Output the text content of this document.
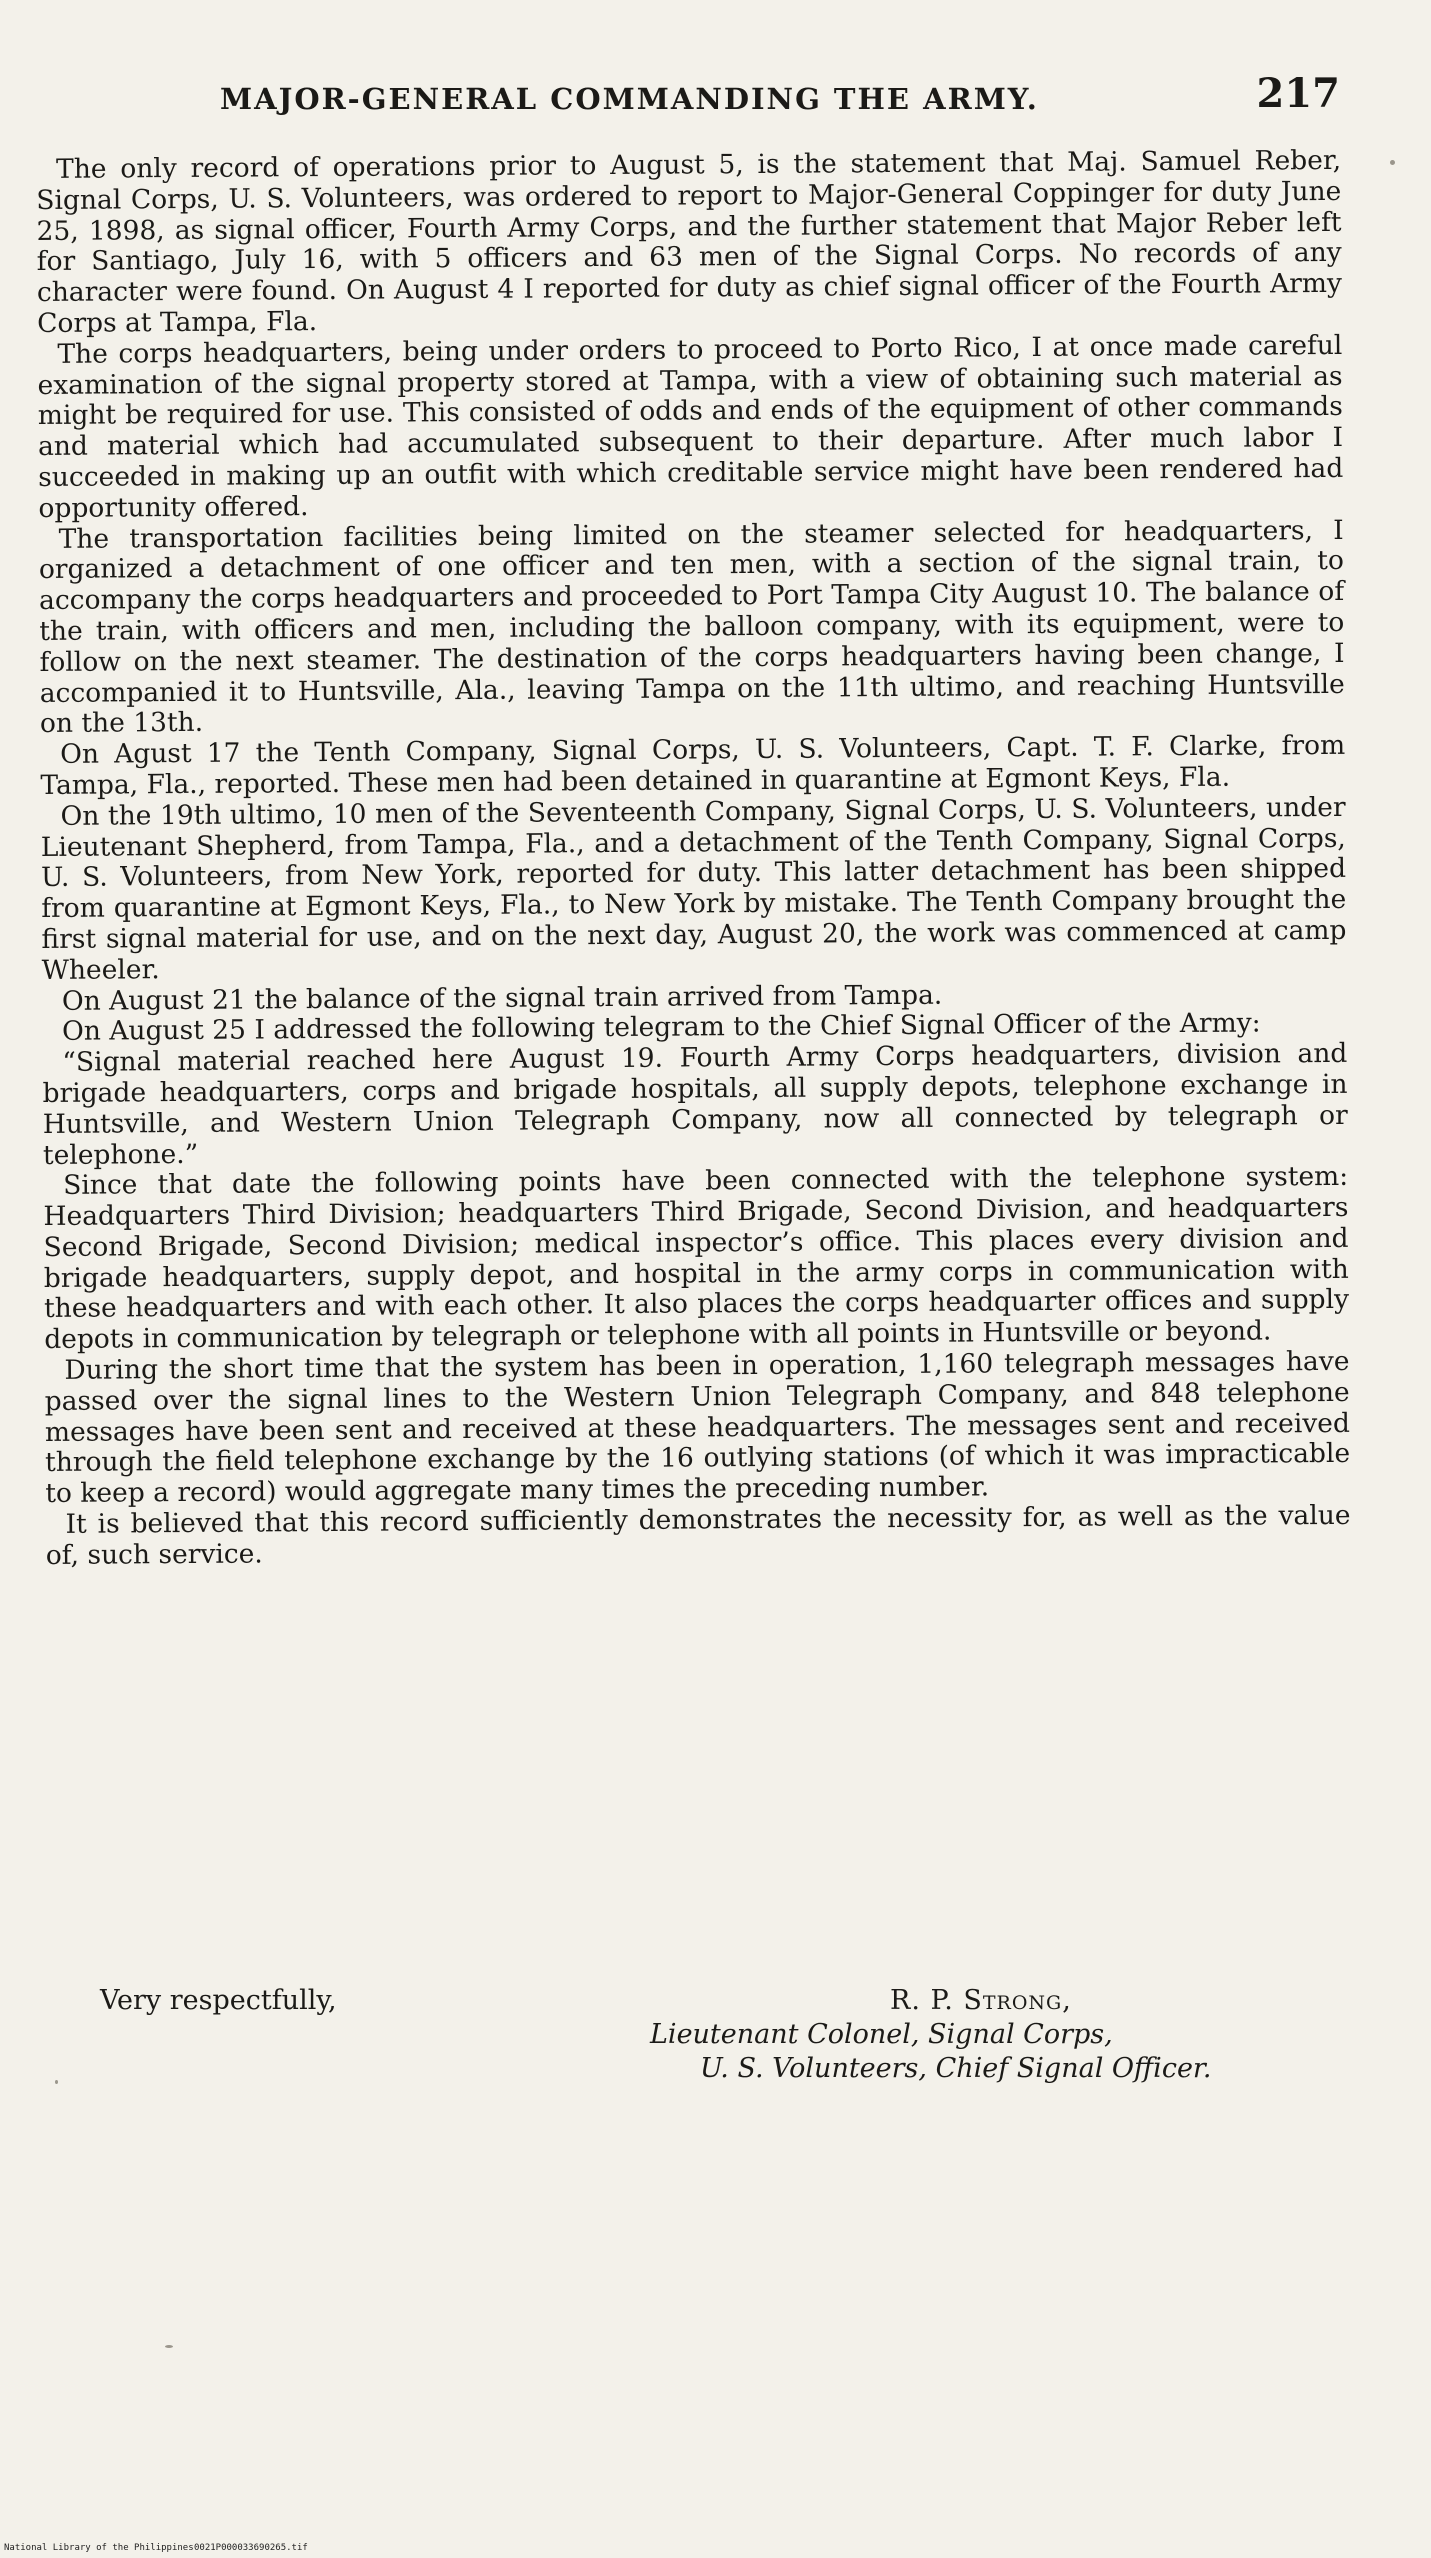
MAJOR-GENERAL COMMANDING THE ARMY.	217

The only record of operations prior to August 5, is the statement that Maj. Samuel Reber, Signal Corps, U. S. Volunteers, was ordered to report to Major-General Coppinger for duty June 25, 1898, as signal officer, Fourth Army Corps, and the further statement that Major Reber left for Santiago, July 16, with 5 officers and 63 men of the Signal Corps. No records of any character were found. On August 4 I reported for duty as chief signal officer of the Fourth Army Corps at Tampa, Fla.

The corps headquarters, being under orders to proceed to Porto Rico, I at once made careful examination of the signal property stored at Tampa, with a view of obtaining such material as might be required for use. This consisted of odds and ends of the equipment of other commands and material which had accumulated subsequent to their departure. After much labor I succeeded in making up an outfit with which creditable service might have been rendered had opportunity offered.

The transportation facilities being limited on the steamer selected for headquarters, I organized a detachment of one officer and ten men, with a section of the signal train, to accompany the corps headquarters and proceeded to Port Tampa City August 10. The balance of the train, with officers and men, including the balloon company, with its equipment, were to follow on the next steamer. The destination of the corps headquarters having been change, I accompanied it to Huntsville, Ala., leaving Tampa on the 11th ultimo, and reaching Huntsville on the 13th.

On Agust 17 the Tenth Company, Signal Corps, U. S. Volunteers, Capt. T. F. Clarke, from Tampa, Fla., reported. These men had been detained in quarantine at Egmont Keys, Fla.

On the 19th ultimo, 10 men of the Seventeenth Company, Signal Corps, U. S. Volunteers, under Lieutenant Shepherd, from Tampa, Fla., and a detachment of the Tenth Company, Signal Corps, U. S. Volunteers, from New York, reported for duty. This latter detachment has been shipped from quarantine at Egmont Keys, Fla., to New York by mistake. The Tenth Company brought the first signal material for use, and on the next day, August 20, the work was commenced at camp Wheeler.

On August 21 the balance of the signal train arrived from Tampa.

On August 25 I addressed the following telegram to the Chief Signal Officer of the Army:

“Signal material reached here August 19. Fourth Army Corps headquarters, division and brigade headquarters, corps and brigade hospitals, all supply depots, telephone exchange in Huntsville, and Western Union Telegraph Company, now all connected by telegraph or telephone.”

Since that date the following points have been connected with the telephone system: Headquarters Third Division; headquarters Third Brigade, Second Division, and headquarters Second Brigade, Second Division; medical inspector’s office. This places every division and brigade headquarters, supply depot, and hospital in the army corps in communication with these headquarters and with each other. It also places the corps headquarter offices and supply depots in communication by telegraph or telephone with all points in Huntsville or beyond.

During the short time that the system has been in operation, 1,160 telegraph messages have passed over the signal lines to the Western Union Telegraph Company, and 848 telephone messages have been sent and received at these headquarters. The messages sent and received through the field telephone exchange by the 16 outlying stations (of which it was impracticable to keep a record) would aggregate many times the preceding number.

It is believed that this record sufficiently demonstrates the necessity for, as well as the value of, such service.

Very respectfully,	R. P. Strong,
Lieutenant Colonel, Signal Corps,
U. S. Volunteers, Chief Signal Officer.
National Library of the Philippines 0021P000033690265.tif
